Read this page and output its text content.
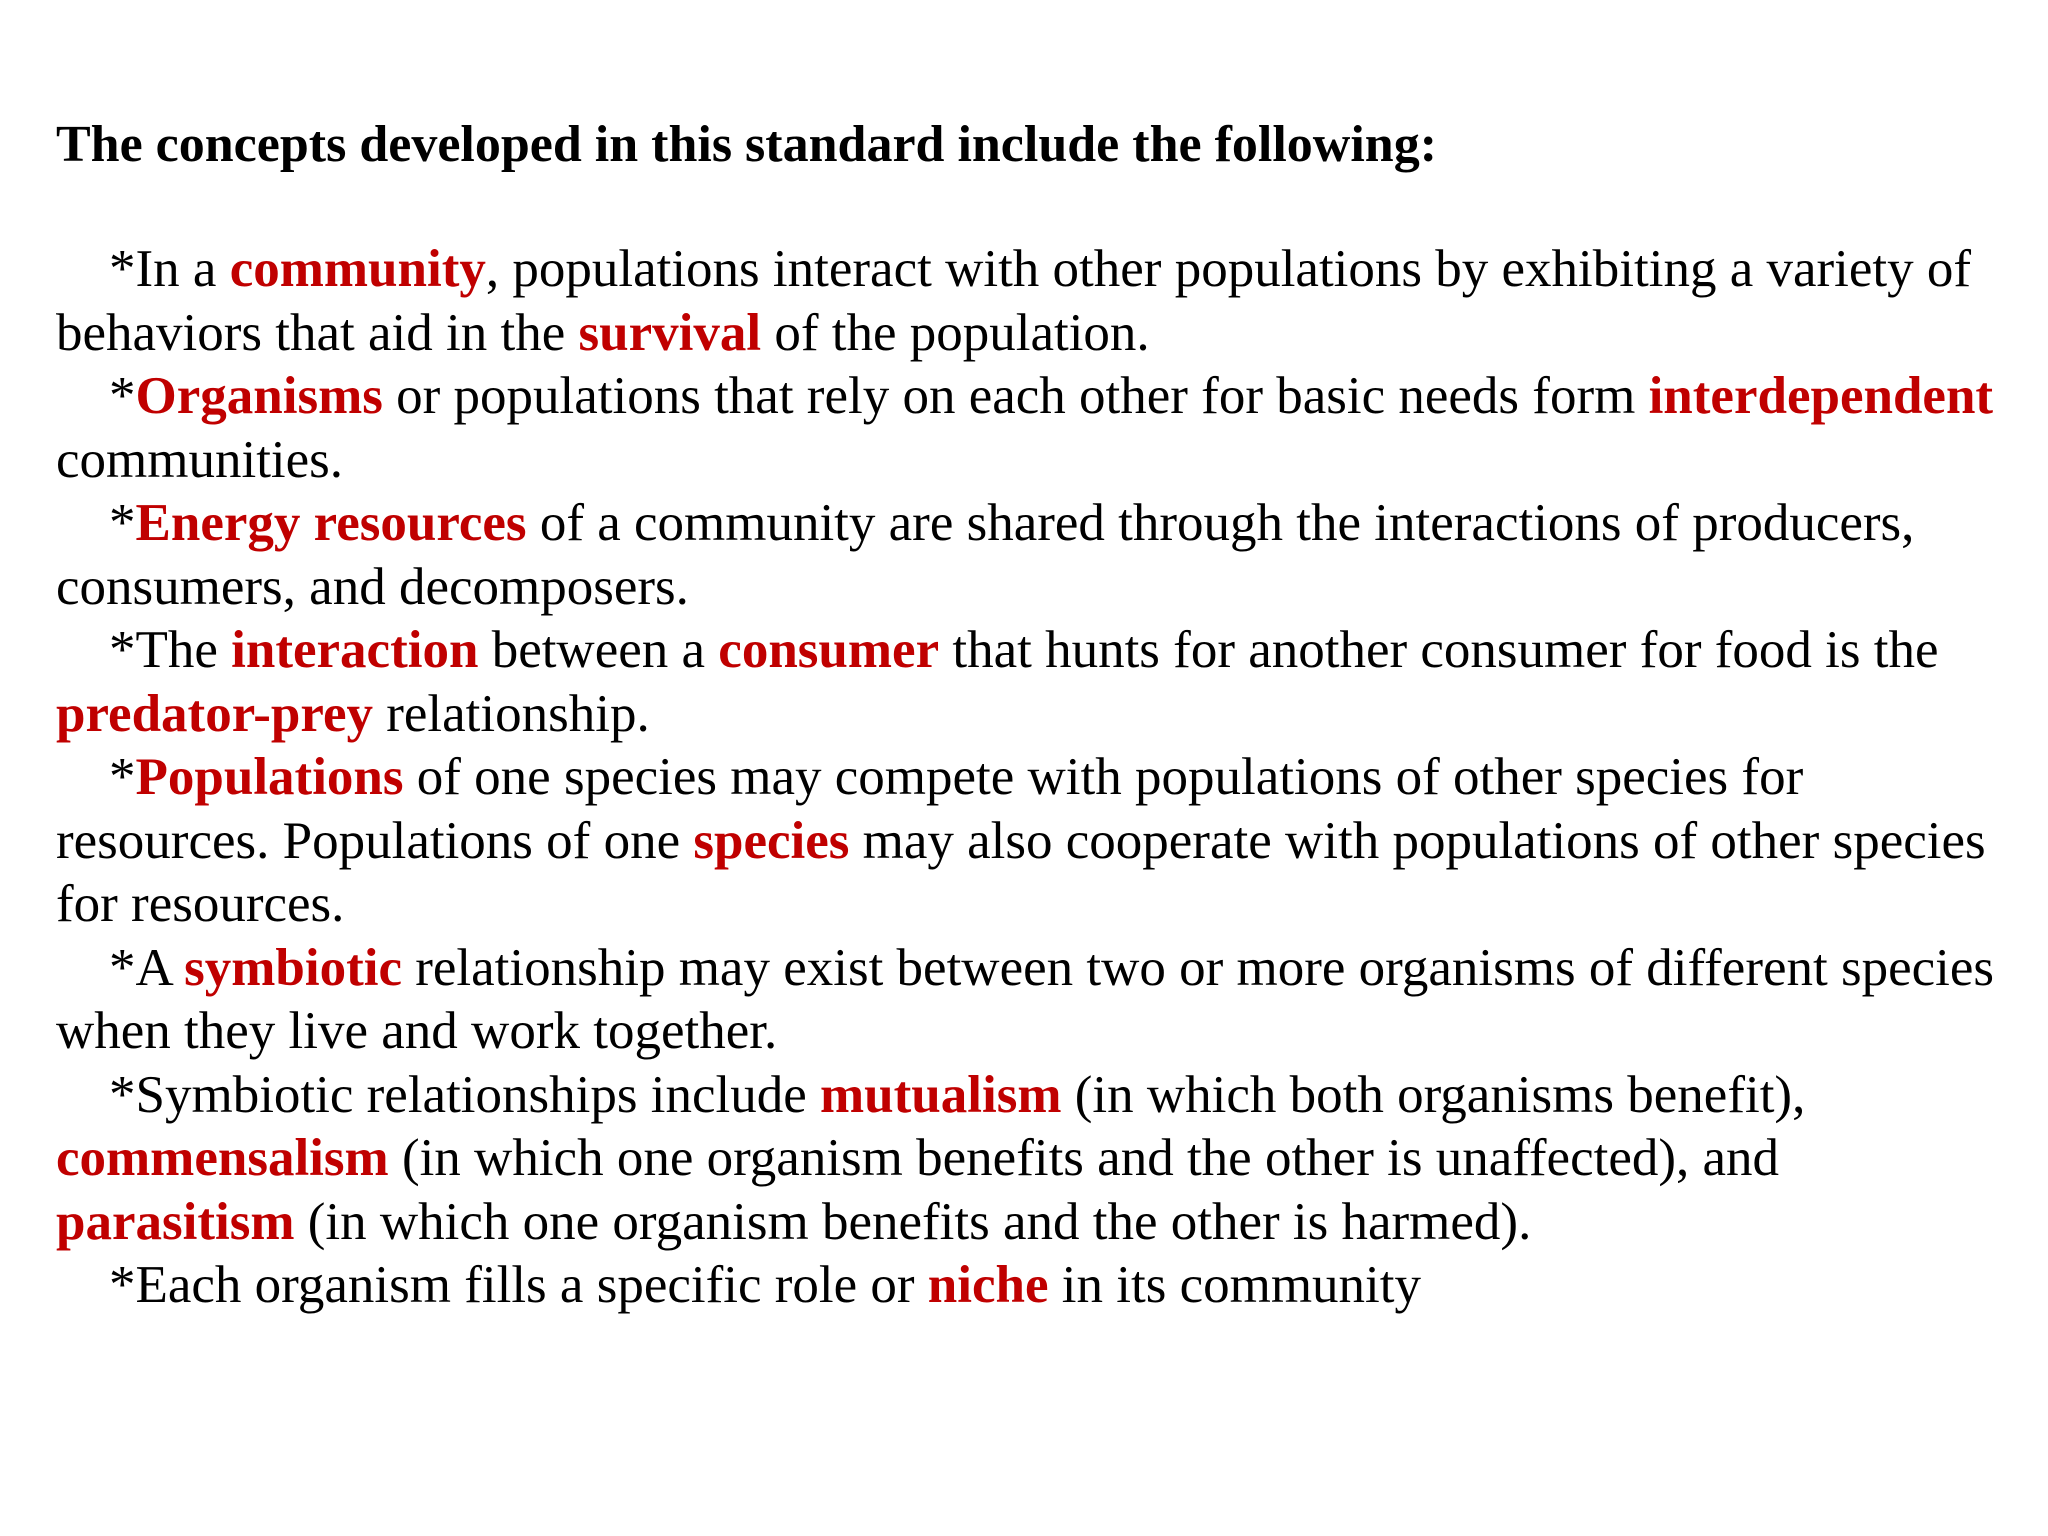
The concepts developed in this standard include the following:
*In a community, populations interact with other populations by exhibiting a variety of behaviors that aid in the survival of the population.
*Organisms or populations that rely on each other for basic needs form interdependent communities.
*Energy resources of a community are shared through the interactions of producers, consumers, and decomposers.
*The interaction between a consumer that hunts for another consumer for food is the predator-prey relationship.
*Populations of one species may compete with populations of other species for resources. Populations of one species may also cooperate with populations of other species for resources.
*A symbiotic relationship may exist between two or more organisms of different species when they live and work together.
*Symbiotic relationships include mutualism (in which both organisms benefit), commensalism (in which one organism benefits and the other is unaffected), and parasitism (in which one organism benefits and the other is harmed).
*Each organism fills a specific role or niche in its community
